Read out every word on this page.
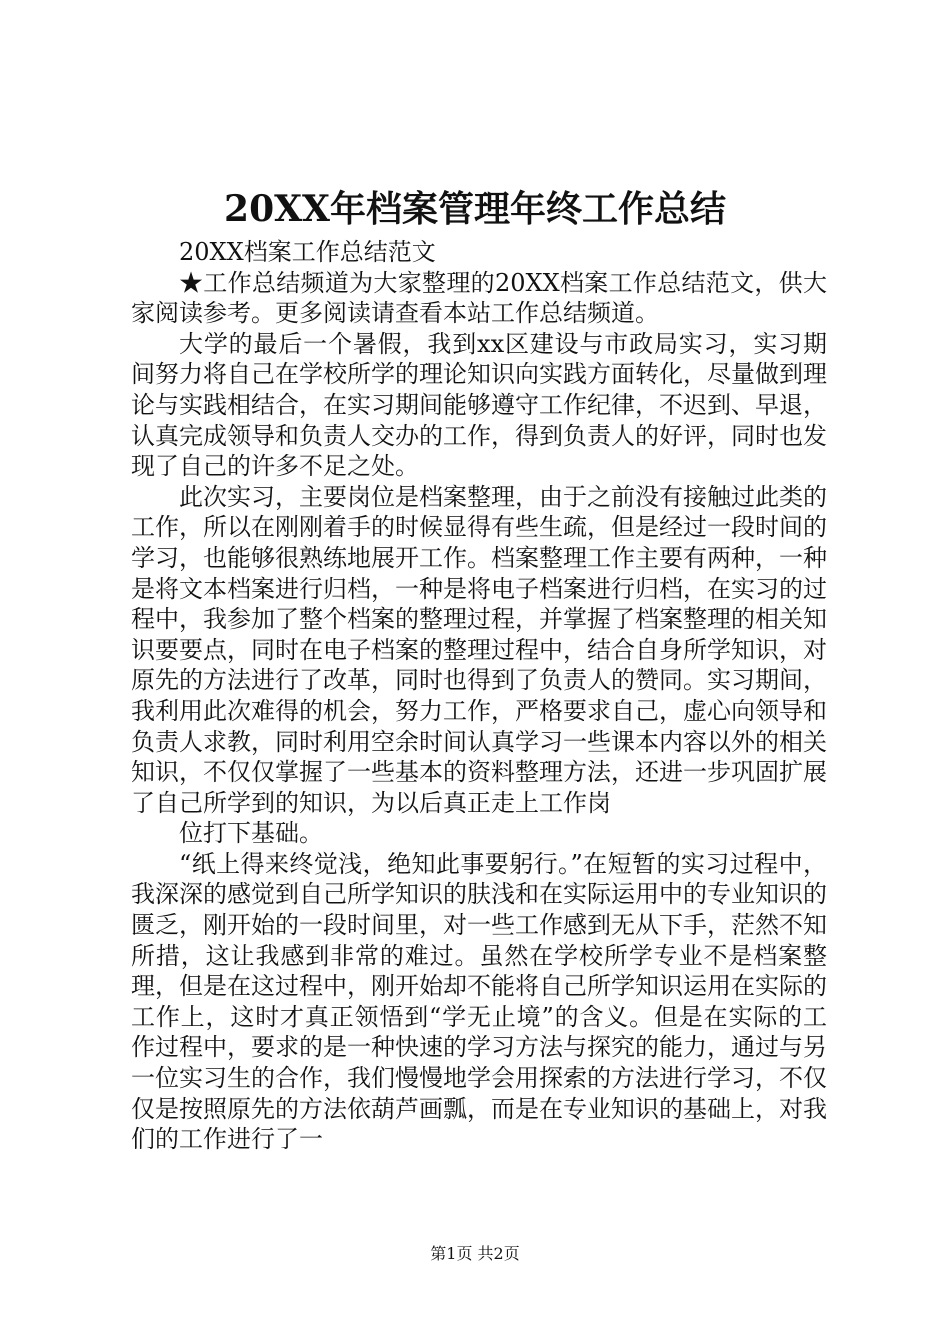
20XX年档案管理年终工作总结

20XX档案工作总结范文

★工作总结频道为大家整理的20XX档案工作总结范文，供大家阅读参考。更多阅读请查看本站工作总结频道。

大学的最后一个暑假，我到xx区建设与市政局实习，实习期间努力将自己在学校所学的理论知识向实践方面转化，尽量做到理论与实践相结合，在实习期间能够遵守工作纪律，不迟到、早退，认真完成领导和负责人交办的工作，得到负责人的好评，同时也发现了自己的许多不足之处。

此次实习，主要岗位是档案整理，由于之前没有接触过此类的工作，所以在刚刚着手的时候显得有些生疏，但是经过一段时间的学习，也能够很熟练地展开工作。档案整理工作主要有两种，一种是将文本档案进行归档，一种是将电子档案进行归档，在实习的过程中，我参加了整个档案的整理过程，并掌握了档案整理的相关知识要要点，同时在电子档案的整理过程中，结合自身所学知识，对原先的方法进行了改革，同时也得到了负责人的赞同。实习期间，我利用此次难得的机会，努力工作，严格要求自己，虚心向领导和负责人求教，同时利用空余时间认真学习一些课本内容以外的相关知识，不仅仅掌握了一些基本的资料整理方法，还进一步巩固扩展了自己所学到的知识，为以后真正走上工作岗

位打下基础。

“纸上得来终觉浅，绝知此事要躬行。”在短暂的实习过程中，我深深的感觉到自己所学知识的肤浅和在实际运用中的专业知识的匮乏，刚开始的一段时间里，对一些工作感到无从下手，茫然不知所措，这让我感到非常的难过。虽然在学校所学专业不是档案整理，但是在这过程中，刚开始却不能将自己所学知识运用在实际的工作上，这时才真正领悟到“学无止境”的含义。但是在实际的工作过程中，要求的是一种快速的学习方法与探究的能力，通过与另一位实习生的合作，我们慢慢地学会用探索的方法进行学习，不仅仅是按照原先的方法依葫芦画瓢，而是在专业知识的基础上，对我们的工作进行了一

第1页 共2页
